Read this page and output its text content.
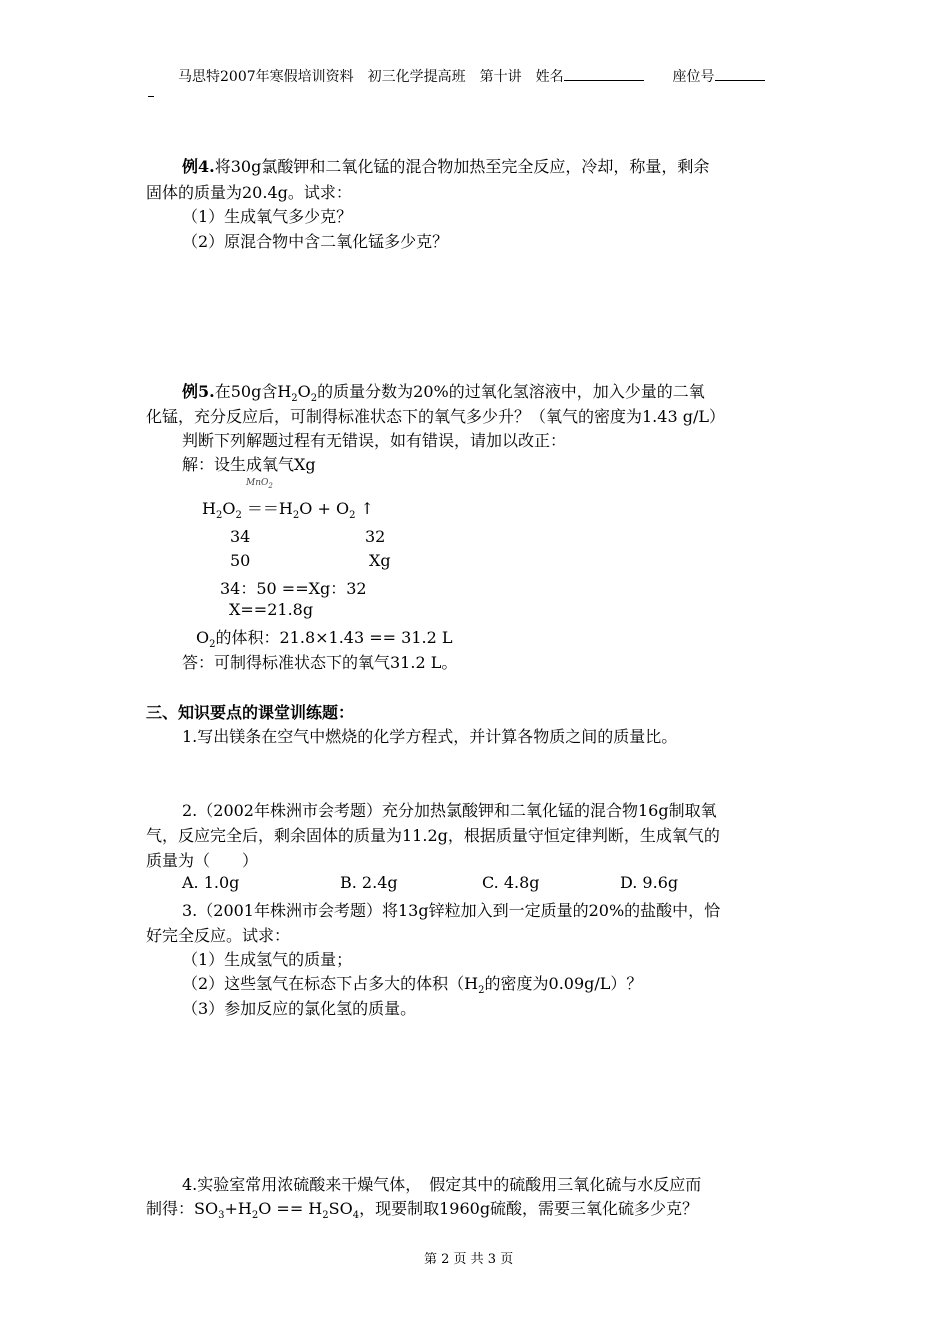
马思特2007年寒假培训资料　初三化学提高班　第十讲　姓名	座位号
例4.将30g氯酸钾和二氧化锰的混合物加热至完全反应，冷却，称量，剩余
固体的质量为20.4g。试求：
（1）生成氧气多少克？
（2）原混合物中含二氧化锰多少克？
例5.在50g含$H_2O_2$的质量分数为20%的过氧化氢溶液中，加入少量的二氧
化锰，充分反应后，可制得标准状态下的氧气多少升？（氧气的密度为1.43 g/L）
判断下列解题过程有无错误，如有错误，请加以改正：
解：设生成氧气Ⅹg
MnO$_2$
$H_2O_2 ==H_2O + O_2$ ↑
34	32
50	Ⅹg
34：50 ==Ⅹg：32
Ⅹ==21.8g
$O_2$的体积：21.8×1.43 == 31.2 L
答：可制得标准状态下的氧气31.2 L。
三、知识要点的课堂训练题：
1.写出镁条在空气中燃烧的化学方程式，并计算各物质之间的质量比。
2.（2002年株洲市会考题）充分加热氯酸钾和二氧化锰的混合物16g制取氧
气，反应完全后，剩余固体的质量为11.2g，根据质量守恒定律判断，生成氧气的
质量为（　　）
A. 1.0g	B. 2.4g	C. 4.8g	D. 9.6g
3.（2001年株洲市会考题）将13g锌粒加入到一定质量的20%的盐酸中，恰
好完全反应。试求：
（1）生成氢气的质量；
（2）这些氢气在标态下占多大的体积（$H_2$的密度为0.09g/L）？
（3）参加反应的氯化氢的质量。
4.实验室常用浓硫酸来干燥气体，　假定其中的硫酸用三氧化硫与水反应而
制得：$SO_3+H_2O == H_2SO_4$，现要制取1960g硫酸，需要三氧化硫多少克？
第 2 页 共 3 页
